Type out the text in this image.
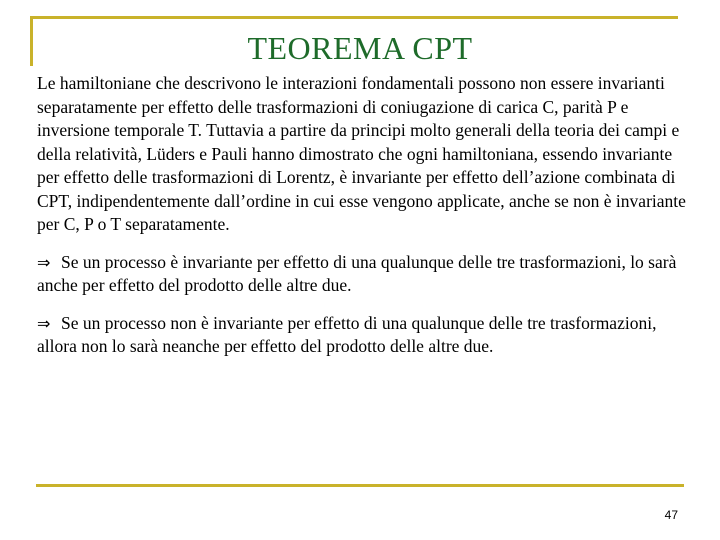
TEOREMA CPT

Le hamiltoniane che descrivono le interazioni fondamentali possono non essere invarianti separatamente per effetto delle trasformazioni di coniugazione di carica C, parità P e inversione temporale T. Tuttavia a partire da principi molto generali della teoria dei campi e della relatività, Lüders e Pauli hanno dimostrato che ogni hamiltoniana, essendo invariante per effetto delle trasformazioni di Lorentz, è invariante per effetto dell’azione combinata di CPT, indipendentemente dall’ordine in cui esse vengono applicate, anche se non è invariante per C, P o T separatamente.

⇒ Se un processo è invariante per effetto di una qualunque delle tre trasformazioni, lo sarà anche per effetto del prodotto delle altre due.

⇒ Se un processo non è invariante per effetto di una qualunque delle tre trasformazioni, allora non lo sarà neanche per effetto del prodotto delle altre due.

47
